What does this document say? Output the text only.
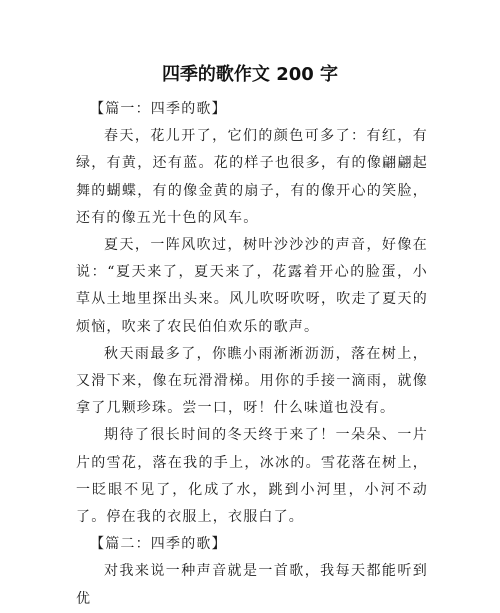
四季的歌作文 200 字
【篇一：四季的歌】

春天，花儿开了，它们的颜色可多了：有红，有绿，有黄，还有蓝。花的样子也很多，有的像翩翩起舞的蝴蝶，有的像金黄的扇子，有的像开心的笑脸，还有的像五光十色的风车。

夏天，一阵风吹过，树叶沙沙沙的声音，好像在说：“夏天来了，夏天来了，花露着开心的脸蛋，小草从土地里探出头来。风儿吹呀吹呀，吹走了夏天的烦恼，吹来了农民伯伯欢乐的歌声。

秋天雨最多了，你瞧小雨淅淅沥沥，落在树上，又滑下来，像在玩滑滑梯。用你的手接一滴雨，就像拿了几颗珍珠。尝一口，呀！什么味道也没有。

期待了很长时间的冬天终于来了！一朵朵、一片片的雪花，落在我的手上，冰冰的。雪花落在树上，一眨眼不见了，化成了水，跳到小河里，小河不动了。停在我的衣服上，衣服白了。

【篇二：四季的歌】

对我来说一种声音就是一首歌，我每天都能听到优
